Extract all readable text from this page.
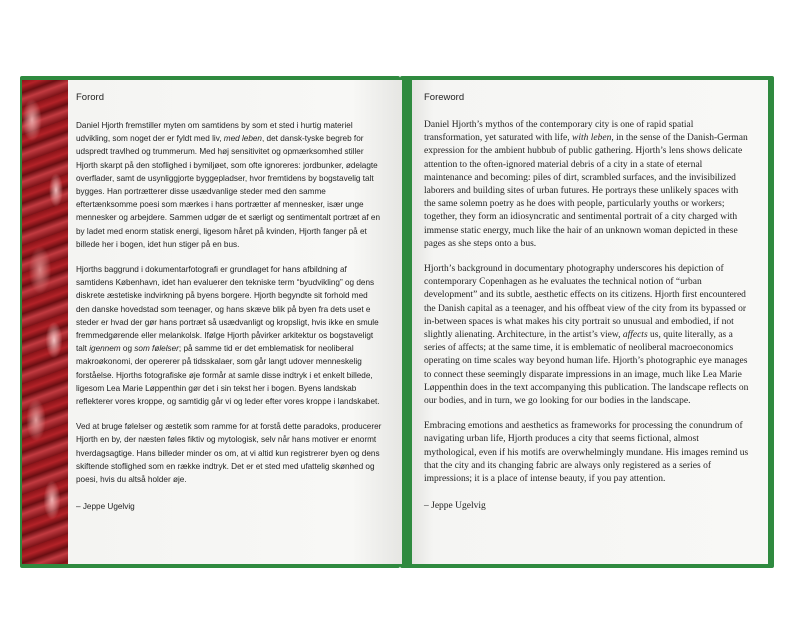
Forord

Daniel Hjorth fremstiller myten om samtidens by som et sted i hurtig materiel udvikling, som noget der er fyldt med liv, med leben, det dansk-tyske begreb for udspredt travlhed og trummerum. Med høj sensitivitet og opmærksomhed stiller Hjorth skarpt på den stoflighed i bymiljøet, som ofte ignoreres: jordbunker, ødelagte overflader, samt de usynliggjorte byggepladser, hvor fremtidens by bogstavelig talt bygges. Han portrætterer disse usædvanlige steder med den samme eftertænksomme poesi som mærkes i hans portrætter af mennesker, især unge mennesker og arbejdere. Sammen udgør de et særligt og sentimentalt portræt af en by ladet med enorm statisk energi, ligesom håret på kvinden, Hjorth fanger på et billede her i bogen, idet hun stiger på en bus.

Hjorths baggrund i dokumentarfotografi er grundlaget for hans afbildning af samtidens København, idet han evaluerer den tekniske term “byudvikling” og dens diskrete æstetiske indvirkning på byens borgere. Hjorth begyndte sit forhold med den danske hovedstad som teenager, og hans skæve blik på byen fra dets uset e steder er hvad der gør hans portræt så usædvanligt og kropsligt, hvis ikke en smule fremmedgørende eller melankolsk. Ifølge Hjorth påvirker arkitektur os bogstaveligt talt igennem og som følelser; på samme tid er det emblematisk for neoliberal makroøkonomi, der opererer på tidsskalaer, som går langt udover menneskelig forståelse. Hjorths fotografiske øje formår at samle disse indtryk i et enkelt billede, ligesom Lea Marie Løppenthin gør det i sin tekst her i bogen. Byens landskab reflekterer vores kroppe, og samtidig går vi og leder efter vores kroppe i landskabet.

Ved at bruge følelser og æstetik som ramme for at forstå dette paradoks, producerer Hjorth en by, der næsten føles fiktiv og mytologisk, selv når hans motiver er enormt hverdagsagtige. Hans billeder minder os om, at vi altid kun registrerer byen og dens skiftende stoflighed som en række indtryk. Det er et sted med ufattelig skønhed og poesi, hvis du altså holder øje.

– Jeppe Ugelvig

Foreword

Daniel Hjorth’s mythos of the contemporary city is one of rapid spatial transformation, yet saturated with life, with leben, in the sense of the Danish-German expression for the ambient hubbub of public gathering. Hjorth’s lens shows delicate attention to the often-ignored material debris of a city in a state of eternal maintenance and becoming: piles of dirt, scrambled surfaces, and the invisibilized laborers and building sites of urban futures. He portrays these unlikely spaces with the same solemn poetry as he does with people, particularly youths or workers; together, they form an idiosyncratic and sentimental portrait of a city charged with immense static energy, much like the hair of an unknown woman depicted in these pages as she steps onto a bus.

Hjorth’s background in documentary photography underscores his depiction of contemporary Copenhagen as he evaluates the technical notion of “urban development” and its subtle, aesthetic effects on its citizens. Hjorth first encountered the Danish capital as a teenager, and his offbeat view of the city from its bypassed or in-between spaces is what makes his city portrait so unusual and embodied, if not slightly alienating. Architecture, in the artist’s view, affects us, quite literally, as a series of affects; at the same time, it is emblematic of neoliberal macroeconomics operating on time scales way beyond human life. Hjorth’s photographic eye manages to connect these seemingly disparate impressions in an image, much like Lea Marie Løppenthin does in the text accompanying this publication. The landscape reflects on our bodies, and in turn, we go looking for our bodies in the landscape.

Embracing emotions and aesthetics as frameworks for processing the conundrum of navigating urban life, Hjorth produces a city that seems fictional, almost mythological, even if his motifs are overwhelmingly mundane. His images remind us that the city and its changing fabric are always only registered as a series of impressions; it is a place of intense beauty, if you pay attention.

– Jeppe Ugelvig
